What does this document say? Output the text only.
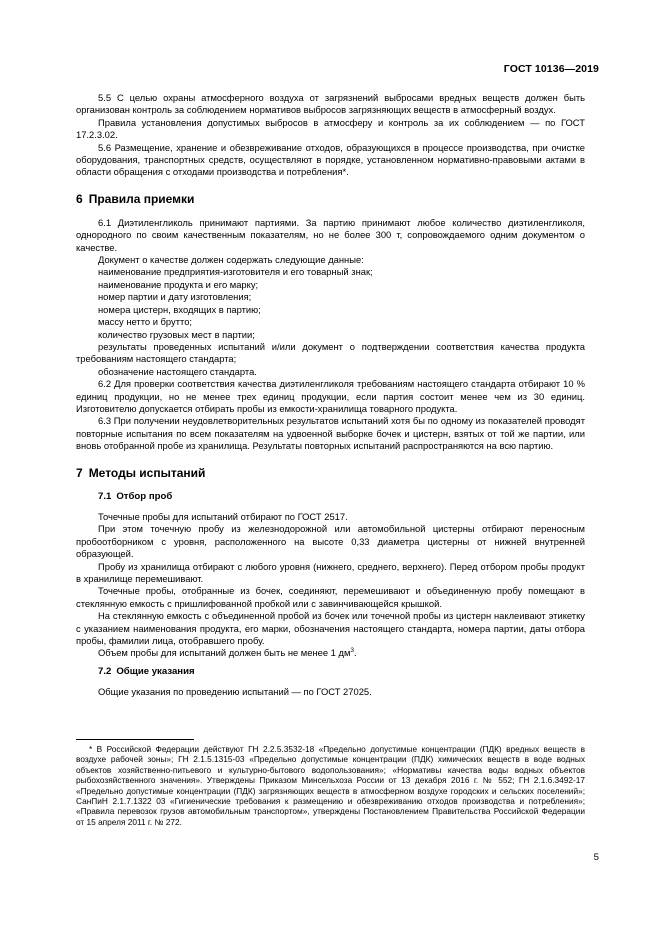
ГОСТ 10136—2019

5.5 С целью охраны атмосферного воздуха от загрязнений выбросами вредных веществ должен быть организован контроль за соблюдением нормативов выбросов загрязняющих веществ в атмосферный воздух.

Правила установления допустимых выбросов в атмосферу и контроль за их соблюдением — по ГОСТ 17.2.3.02.

5.6 Размещение, хранение и обезвреживание отходов, образующихся в процессе производства, при очистке оборудования, транспортных средств, осуществляют в порядке, установленном нормативно-правовыми актами в области обращения с отходами производства и потребления*.

6 Правила приемки

6.1 Диэтиленгликоль принимают партиями. За партию принимают любое количество диэтиленгликоля, однородного по своим качественным показателям, но не более 300 т, сопровождаемого одним документом о качестве.

Документ о качестве должен содержать следующие данные:

наименование предприятия-изготовителя и его товарный знак;

наименование продукта и его марку;

номер партии и дату изготовления;

номера цистерн, входящих в партию;

массу нетто и брутто;

количество грузовых мест в партии;

результаты проведенных испытаний и/или документ о подтверждении соответствия качества продукта требованиям настоящего стандарта;

обозначение настоящего стандарта.

6.2 Для проверки соответствия качества диэтиленгликоля требованиям настоящего стандарта отбирают 10 % единиц продукции, но не менее трех единиц продукции, если партия состоит менее чем из 30 единиц. Изготовителю допускается отбирать пробы из емкости-хранилища товарного продукта.

6.3 При получении неудовлетворительных результатов испытаний хотя бы по одному из показателей проводят повторные испытания по всем показателям на удвоенной выборке бочек и цистерн, взятых от той же партии, или вновь отобранной пробе из хранилища. Результаты повторных испытаний распространяются на всю партию.

7 Методы испытаний
7.1 Отбор проб

Точечные пробы для испытаний отбирают по ГОСТ 2517.

При этом точечную пробу из железнодорожной или автомобильной цистерны отбирают переносным пробоотборником с уровня, расположенного на высоте 0,33 диаметра цистерны от нижней внутренней образующей.

Пробу из хранилища отбирают с любого уровня (нижнего, среднего, верхнего). Перед отбором пробы продукт в хранилище перемешивают.

Точечные пробы, отобранные из бочек, соединяют, перемешивают и объединенную пробу помещают в стеклянную емкость с пришлифованной пробкой или с завинчивающейся крышкой.

На стеклянную емкость с объединенной пробой из бочек или точечной пробы из цистерн наклеивают этикетку с указанием наименования продукта, его марки, обозначения настоящего стандарта, номера партии, даты отбора пробы, фамилии лица, отобравшего пробу.

Объем пробы для испытаний должен быть не менее 1 $дм^3$.

7.2 Общие указания

Общие указания по проведению испытаний — по ГОСТ 27025.

* В Российской Федерации действуют ГН 2.2.5.3532-18 «Предельно допустимые концентрации (ПДК) вредных веществ в воздухе рабочей зоны»; ГН 2.1.5.1315-03 «Предельно допустимые концентрации (ПДК) химических веществ в воде водных объектов хозяйственно-питьевого и культурно-бытового водопользования»; «Нормативы качества воды водных объектов рыбохозяйственного значения». Утверждены Приказом Минсельхоза России от 13 декабря 2016 г. № 552; ГН 2.1.6.3492-17 «Предельно допустимые концентрации (ПДК) загрязняющих веществ в атмосферном воздухе городских и сельских поселений»; СанПиН 2.1.7.1322 03 «Гигиенические требования к размещению и обезвреживанию отходов производства и потребления»; «Правила перевозок грузов автомобильным транспортом», утверждены Постановлением Правительства Российской Федерации от 15 апреля 2011 г. № 272.

5
